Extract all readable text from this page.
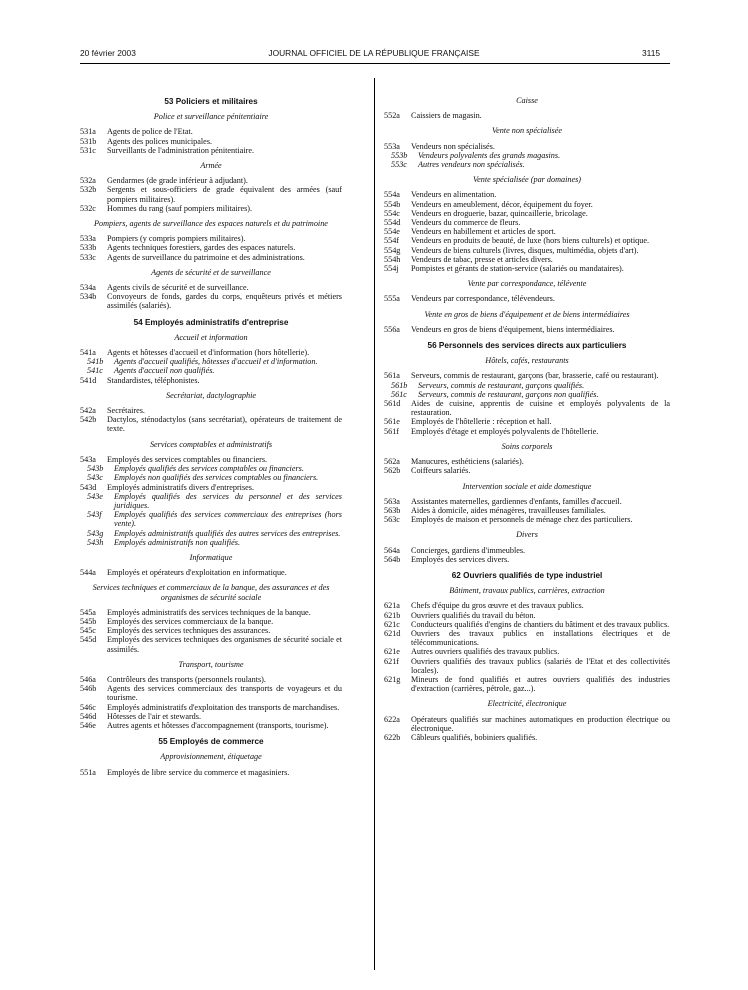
20 février 2003	JOURNAL OFFICIEL DE LA RÉPUBLIQUE FRANÇAISE	3115
53 Policiers et militaires
Police et surveillance pénitentiaire
531a Agents de police de l'Etat.
531b Agents des polices municipales.
531c Surveillants de l'administration pénitentiaire.
Armée
532a Gendarmes (de grade inférieur à adjudant).
532b Sergents et sous-officiers de grade équivalent des armées (sauf pompiers militaires).
532c Hommes du rang (sauf pompiers militaires).
Pompiers, agents de surveillance des espaces naturels et du patrimoine
533a Pompiers (y compris pompiers militaires).
533b Agents techniques forestiers, gardes des espaces naturels.
533c Agents de surveillance du patrimoine et des administrations.
Agents de sécurité et de surveillance
534a Agents civils de sécurité et de surveillance.
534b Convoyeurs de fonds, gardes du corps, enquêteurs privés et métiers assimilés (salariés).
54 Employés administratifs d'entreprise
Accueil et information
541a Agents et hôtesses d'accueil et d'information (hors hôtellerie).
541b Agents d'accueil qualifiés, hôtesses d'accueil et d'information.
541c Agents d'accueil non qualifiés.
541d Standardistes, téléphonistes.
Secrétariat, dactylographie
542a Secrétaires.
542b Dactylos, sténodactylos (sans secrétariat), opérateurs de traitement de texte.
Services comptables et administratifs
543a Employés des services comptables ou financiers.
543b Employés qualifiés des services comptables ou financiers.
543c Employés non qualifiés des services comptables ou financiers.
543d Employés administratifs divers d'entreprises.
543e Employés qualifiés des services du personnel et des services juridiques.
543f Employés qualifiés des services commerciaux des entreprises (hors vente).
543g Employés administratifs qualifiés des autres services des entreprises.
543h Employés administratifs non qualifiés.
Informatique
544a Employés et opérateurs d'exploitation en informatique.
Services techniques et commerciaux de la banque, des assurances et des organismes de sécurité sociale
545a Employés administratifs des services techniques de la banque.
545b Employés des services commerciaux de la banque.
545c Employés des services techniques des assurances.
545d Employés des services techniques des organismes de sécurité sociale et assimilés.
Transport, tourisme
546a Contrôleurs des transports (personnels roulants).
546b Agents des services commerciaux des transports de voyageurs et du tourisme.
546c Employés administratifs d'exploitation des transports de marchandises.
546d Hôtesses de l'air et stewards.
546e Autres agents et hôtesses d'accompagnement (transports, tourisme).
55 Employés de commerce
Approvisionnement, étiquetage
551a Employés de libre service du commerce et magasiniers.
Caisse
552a Caissiers de magasin.
Vente non spécialisée
553a Vendeurs non spécialisés.
553b Vendeurs polyvalents des grands magasins.
553c Autres vendeurs non spécialisés.
Vente spécialisée (par domaines)
554a Vendeurs en alimentation.
554b Vendeurs en ameublement, décor, équipement du foyer.
554c Vendeurs en droguerie, bazar, quincaillerie, bricolage.
554d Vendeurs du commerce de fleurs.
554e Vendeurs en habillement et articles de sport.
554f Vendeurs en produits de beauté, de luxe (hors biens culturels) et optique.
554g Vendeurs de biens culturels (livres, disques, multimédia, objets d'art).
554h Vendeurs de tabac, presse et articles divers.
554j Pompistes et gérants de station-service (salariés ou mandataires).
Vente par correspondance, télévente
555a Vendeurs par correspondance, télévendeurs.
Vente en gros de biens d'équipement et de biens intermédiaires
556a Vendeurs en gros de biens d'équipement, biens intermédiaires.
56 Personnels des services directs aux particuliers
Hôtels, cafés, restaurants
561a Serveurs, commis de restaurant, garçons (bar, brasserie, café ou restaurant).
561b Serveurs, commis de restaurant, garçons qualifiés.
561c Serveurs, commis de restaurant, garçons non qualifiés.
561d Aides de cuisine, apprentis de cuisine et employés polyvalents de la restauration.
561e Employés de l'hôtellerie : réception et hall.
561f Employés d'étage et employés polyvalents de l'hôtellerie.
Soins corporels
562a Manucures, esthéticiens (salariés).
562b Coiffeurs salariés.
Intervention sociale et aide domestique
563a Assistantes maternelles, gardiennes d'enfants, familles d'accueil.
563b Aides à domicile, aides ménagères, travailleuses familiales.
563c Employés de maison et personnels de ménage chez des particuliers.
Divers
564a Concierges, gardiens d'immeubles.
564b Employés des services divers.
62 Ouvriers qualifiés de type industriel
Bâtiment, travaux publics, carrières, extraction
621a Chefs d'équipe du gros œuvre et des travaux publics.
621b Ouvriers qualifiés du travail du béton.
621c Conducteurs qualifiés d'engins de chantiers du bâtiment et des travaux publics.
621d Ouvriers des travaux publics en installations électriques et de télécommunications.
621e Autres ouvriers qualifiés des travaux publics.
621f Ouvriers qualifiés des travaux publics (salariés de l'Etat et des collectivités locales).
621g Mineurs de fond qualifiés et autres ouvriers qualifiés des industries d'extraction (carrières, pétrole, gaz...).
Electricité, électronique
622a Opérateurs qualifiés sur machines automatiques en production électrique ou électronique.
622b Câbleurs qualifiés, bobiniers qualifiés.
